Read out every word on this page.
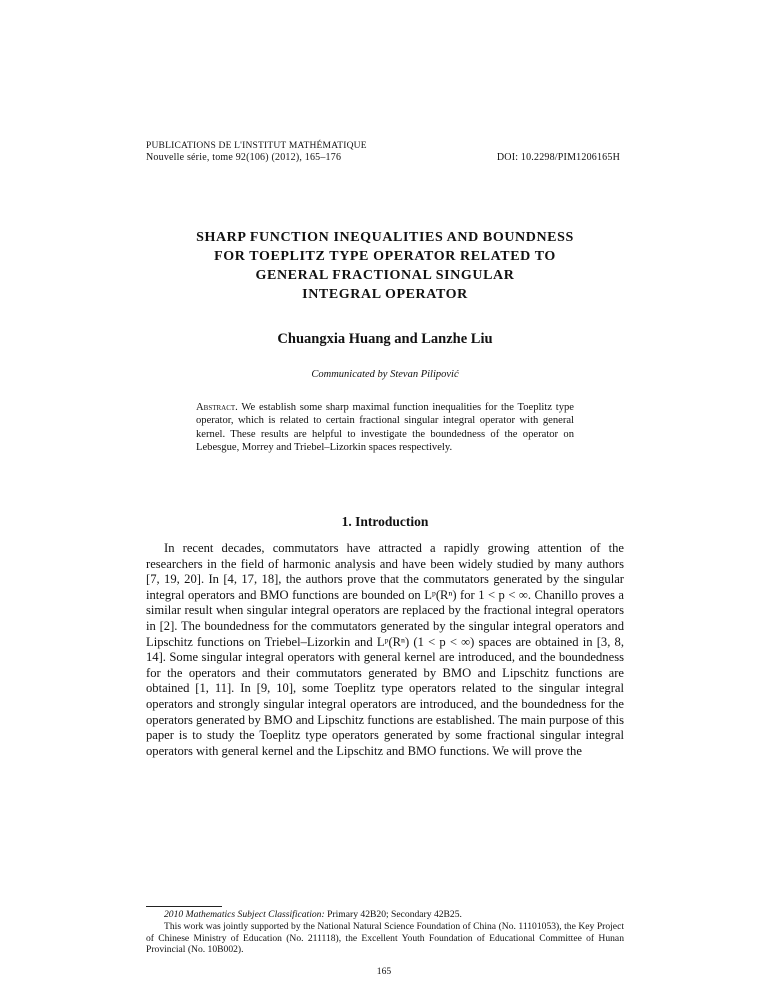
PUBLICATIONS DE L'INSTITUT MATHÉMATIQUE
Nouvelle série, tome 92(106) (2012), 165–176	DOI: 10.2298/PIM1206165H
SHARP FUNCTION INEQUALITIES AND BOUNDNESS
FOR TOEPLITZ TYPE OPERATOR RELATED TO
GENERAL FRACTIONAL SINGULAR
INTEGRAL OPERATOR
Chuangxia Huang and Lanzhe Liu
Communicated by Stevan Pilipović
Abstract. We establish some sharp maximal function inequalities for the Toeplitz type operator, which is related to certain fractional singular integral operator with general kernel. These results are helpful to investigate the boundedness of the operator on Lebesgue, Morrey and Triebel–Lizorkin spaces respectively.
1. Introduction

In recent decades, commutators have attracted a rapidly growing attention of the researchers in the field of harmonic analysis and have been widely studied by many authors [7, 19, 20]. In [4, 17, 18], the authors prove that the commutators generated by the singular integral operators and BMO functions are bounded on Lᵖ(Rⁿ) for 1 < p < ∞. Chanillo proves a similar result when singular integral operators are replaced by the fractional integral operators in [2]. The boundedness for the commutators generated by the singular integral operators and Lipschitz functions on Triebel–Lizorkin and Lᵖ(Rⁿ) (1 < p < ∞) spaces are obtained in [3, 8, 14]. Some singular integral operators with general kernel are introduced, and the boundedness for the operators and their commutators generated by BMO and Lipschitz functions are obtained [1, 11]. In [9, 10], some Toeplitz type operators related to the singular integral operators and strongly singular integral operators are introduced, and the boundedness for the operators generated by BMO and Lipschitz functions are established. The main purpose of this paper is to study the Toeplitz type operators generated by some fractional singular integral operators with general kernel and the Lipschitz and BMO functions. We will prove the

2010 Mathematics Subject Classification: Primary 42B20; Secondary 42B25.

This work was jointly supported by the National Natural Science Foundation of China (No. 11101053), the Key Project of Chinese Ministry of Education (No. 211118), the Excellent Youth Foundation of Educational Committee of Hunan Provincial (No. 10B002).

165
